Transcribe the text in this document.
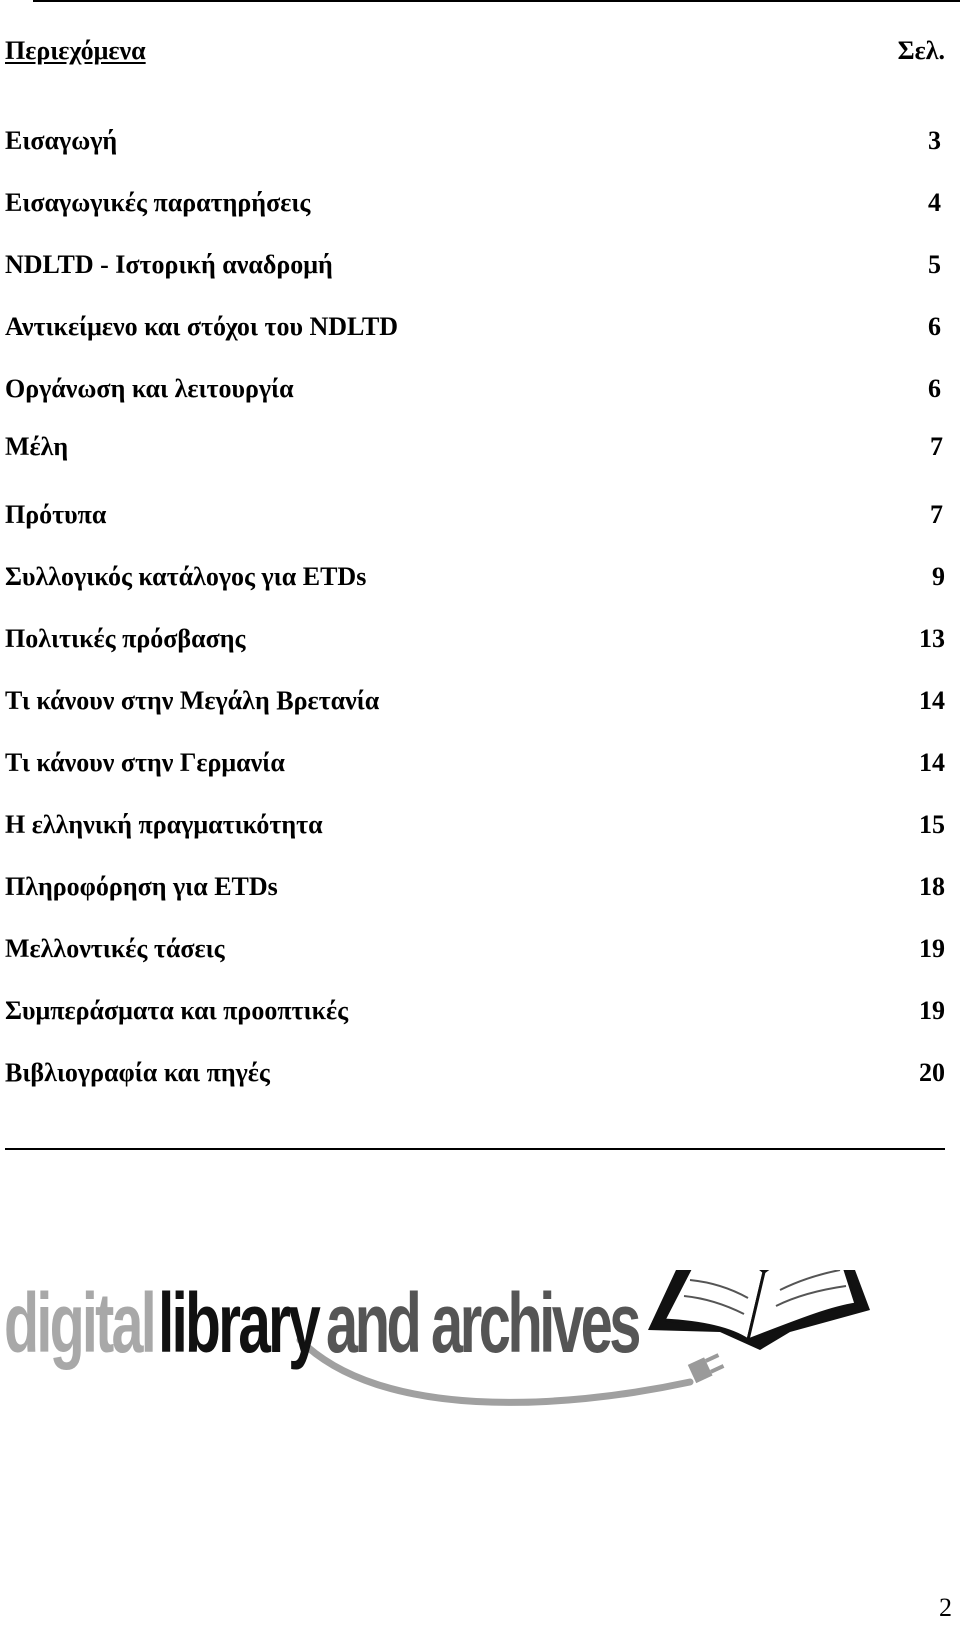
Περιεχόμενα	Σελ.
Εισαγωγή	3
Εισαγωγικές παρατηρήσεις	4
NDLTD - Ιστορική αναδρομή	5
Αντικείμενο και στόχοι του NDLTD	6
Οργάνωση και λειτουργία	6
Μέλη	7
Πρότυπα	7
Συλλογικός κατάλογος για ETDs	9
Πολιτικές πρόσβασης	13
Τι κάνουν στην Μεγάλη Βρετανία	14
Τι κάνουν στην Γερμανία	14
Η ελληνική πραγματικότητα	15
Πληροφόρηση για ETDs	18
Μελλοντικές τάσεις	19
Συμπεράσματα και προοπτικές	19
Βιβλιογραφία και πηγές	20
digital library and archives
2
